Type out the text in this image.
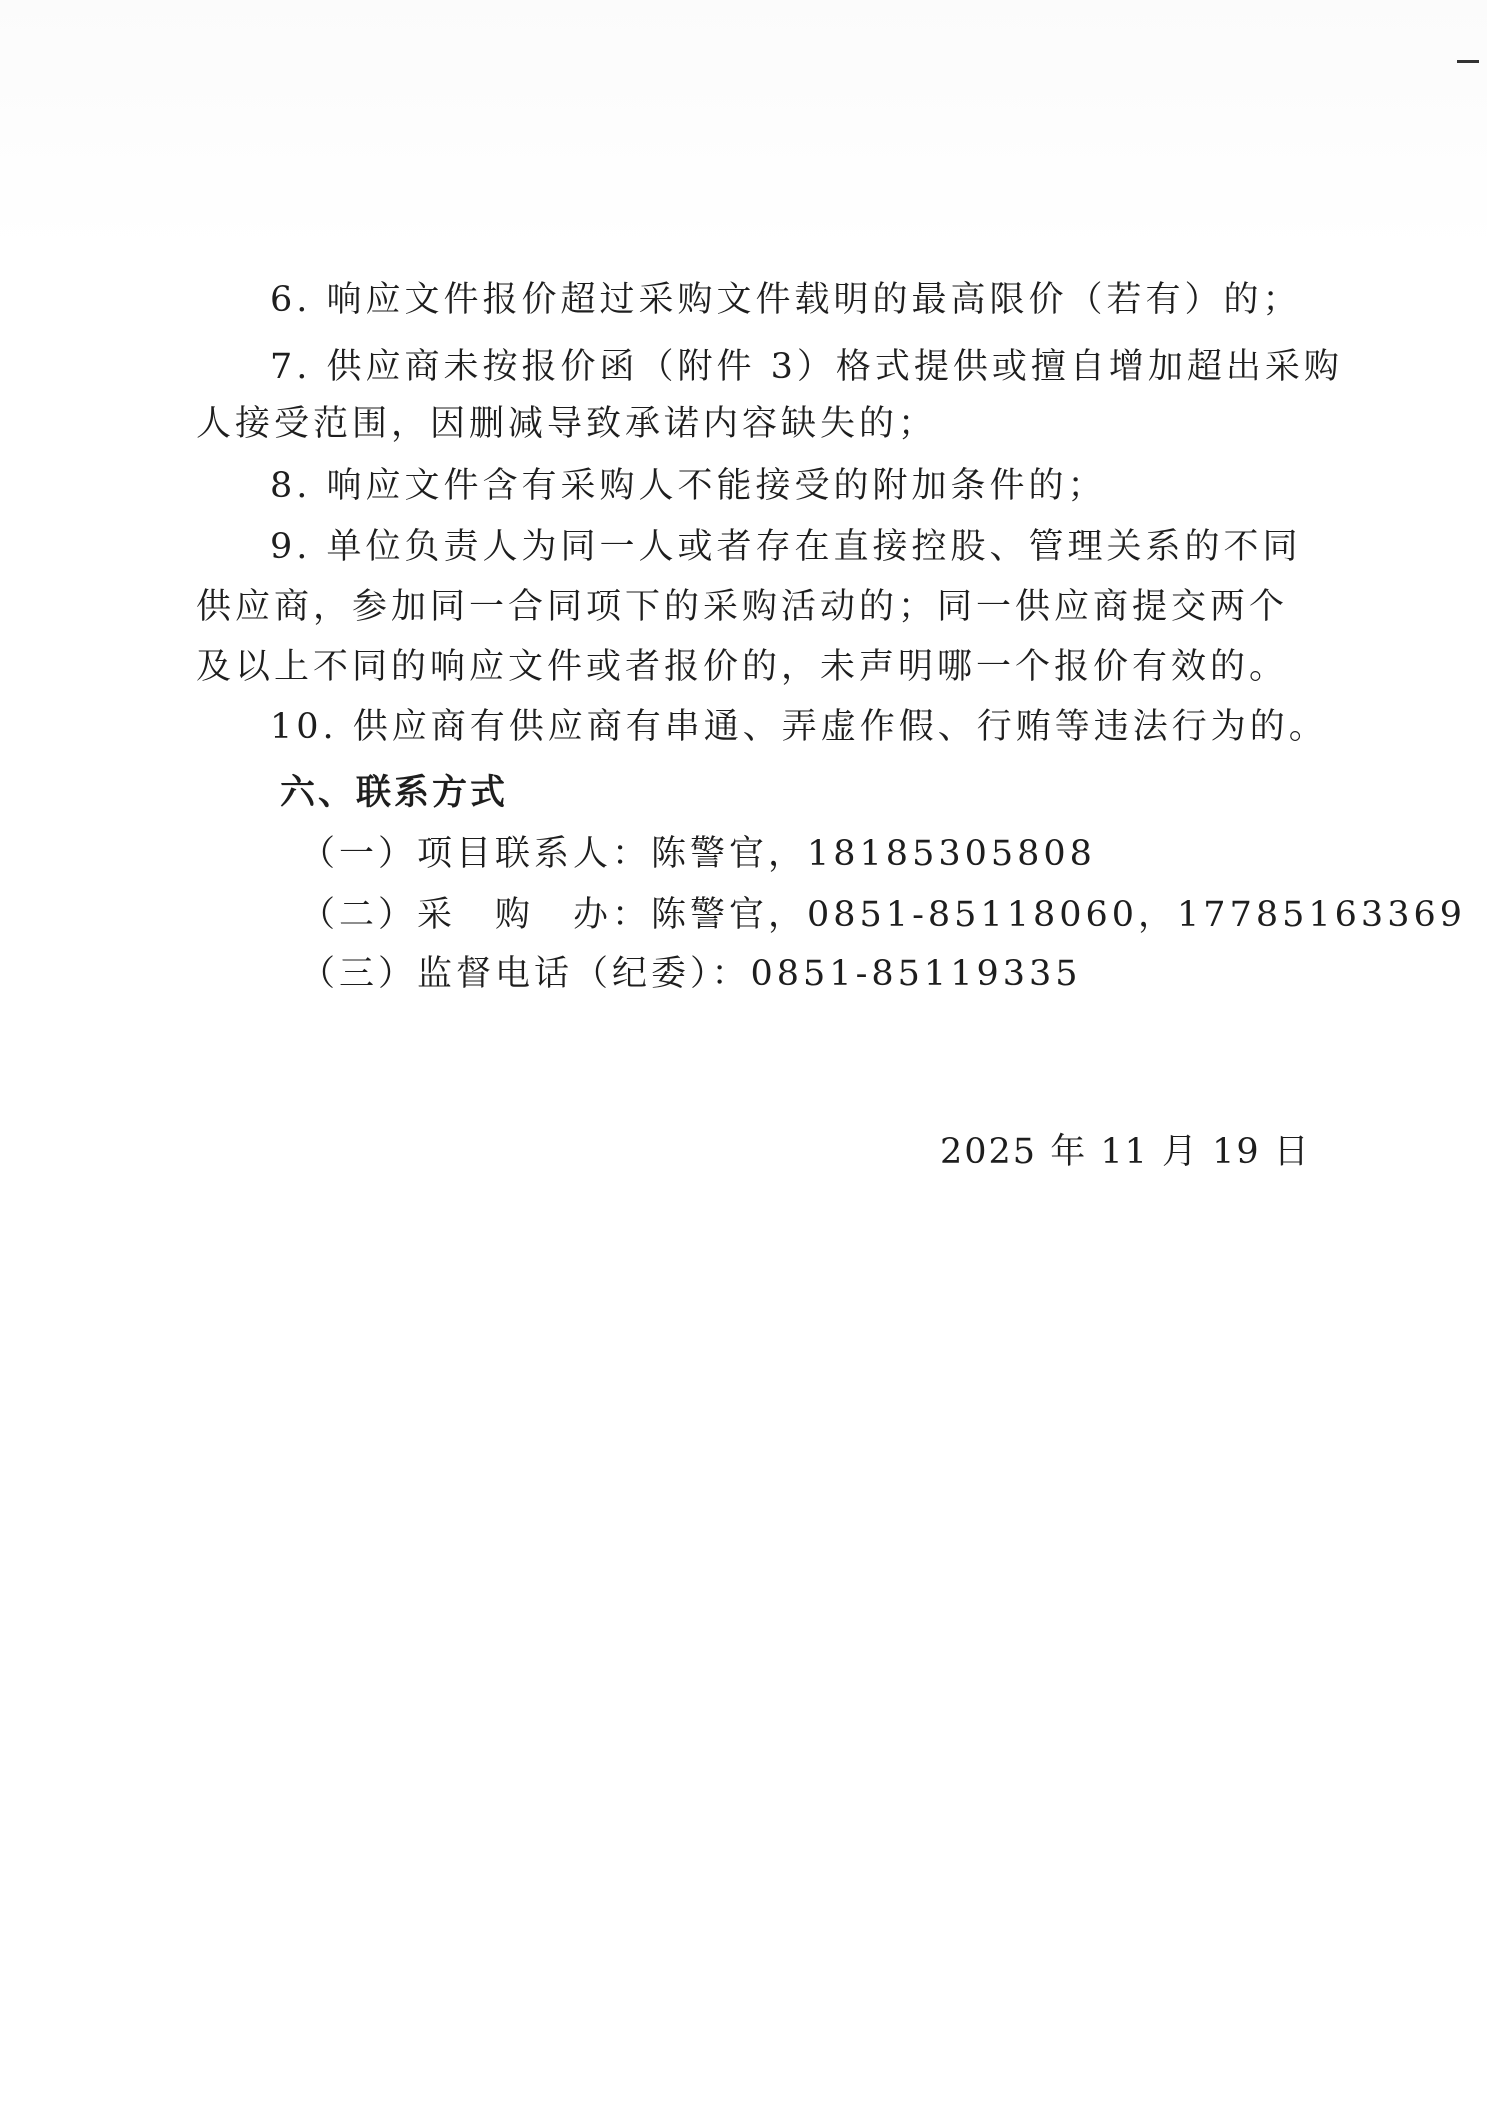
6. 响应文件报价超过采购文件载明的最高限价（若有）的；
7. 供应商未按报价函（附件 3）格式提供或擅自增加超出采购
人接受范围，因删减导致承诺内容缺失的；
8. 响应文件含有采购人不能接受的附加条件的；
9. 单位负责人为同一人或者存在直接控股、管理关系的不同
供应商，参加同一合同项下的采购活动的；同一供应商提交两个
及以上不同的响应文件或者报价的，未声明哪一个报价有效的。
10. 供应商有供应商有串通、弄虚作假、行贿等违法行为的。
六、联系方式
（一）项目联系人：陈警官，18185305808
（二）采　购　办：陈警官，0851-85118060，17785163369
（三）监督电话（纪委）：0851-85119335
2025 年 11 月 19 日
